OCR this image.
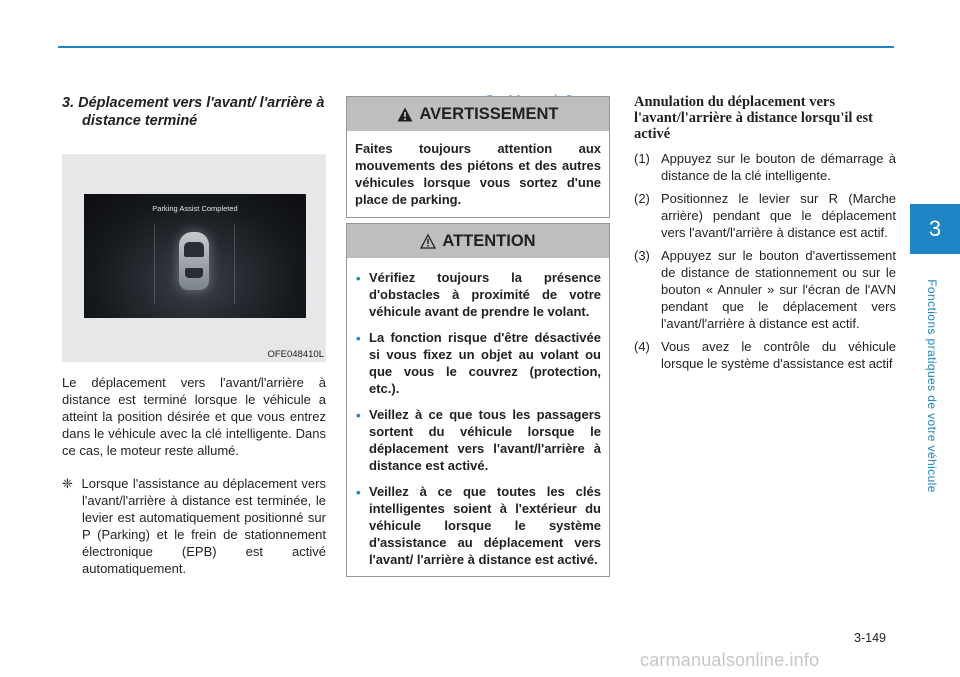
3
Fonctions pratiques de votre véhicule

3. Déplacement vers l'avant/ l'arrière à distance terminé

Parking Assist Completed
OFE048410L

Le déplacement vers l'avant/l'arrière à distance est terminé lorsque le véhicule a atteint la position désirée et que vous entrez dans le véhicule avec la clé intelligente. Dans ce cas, le moteur reste allumé.

❈ Lorsque l'assistance au déplacement vers l'avant/l'arrière à distance est terminée, le levier est automatiquement positionné sur P (Parking) et le frein de stationnement électronique (EPB) est activé automatiquement.

AVERTISSEMENT
Faites toujours attention aux mouvements des piétons et des autres véhicules lorsque vous sortez d'une place de parking.
ATTENTION
• Vérifiez toujours la présence d'obstacles à proximité de votre véhicule avant de prendre le volant.
• La fonction risque d'être désactivée si vous fixez un objet au volant ou que vous le couvrez (protection, etc.).
• Veillez à ce que tous les passagers sortent du véhicule lorsque le déplacement vers l'avant/l'arrière à distance est activé.
• Veillez à ce que toutes les clés intelligentes soient à l'extérieur du véhicule lorsque le système d'assistance au déplacement vers l'avant/ l'arrière à distance est activé.

Annulation du déplacement vers l'avant/l'arrière à distance lorsqu'il est activé

(1) Appuyez sur le bouton de démarrage à distance de la clé intelligente.
(2) Positionnez le levier sur R (Marche arrière) pendant que le déplacement vers l'avant/l'arrière à distance est actif.
(3) Appuyez sur le bouton d'avertissement de distance de stationnement ou sur le bouton « Annuler » sur l'écran de l'AVN pendant que le déplacement vers l'avant/l'arrière à distance est actif.
(4) Vous avez le contrôle du véhicule lorsque le système d'assistance est actif
3-149
carmanualsonline.info
